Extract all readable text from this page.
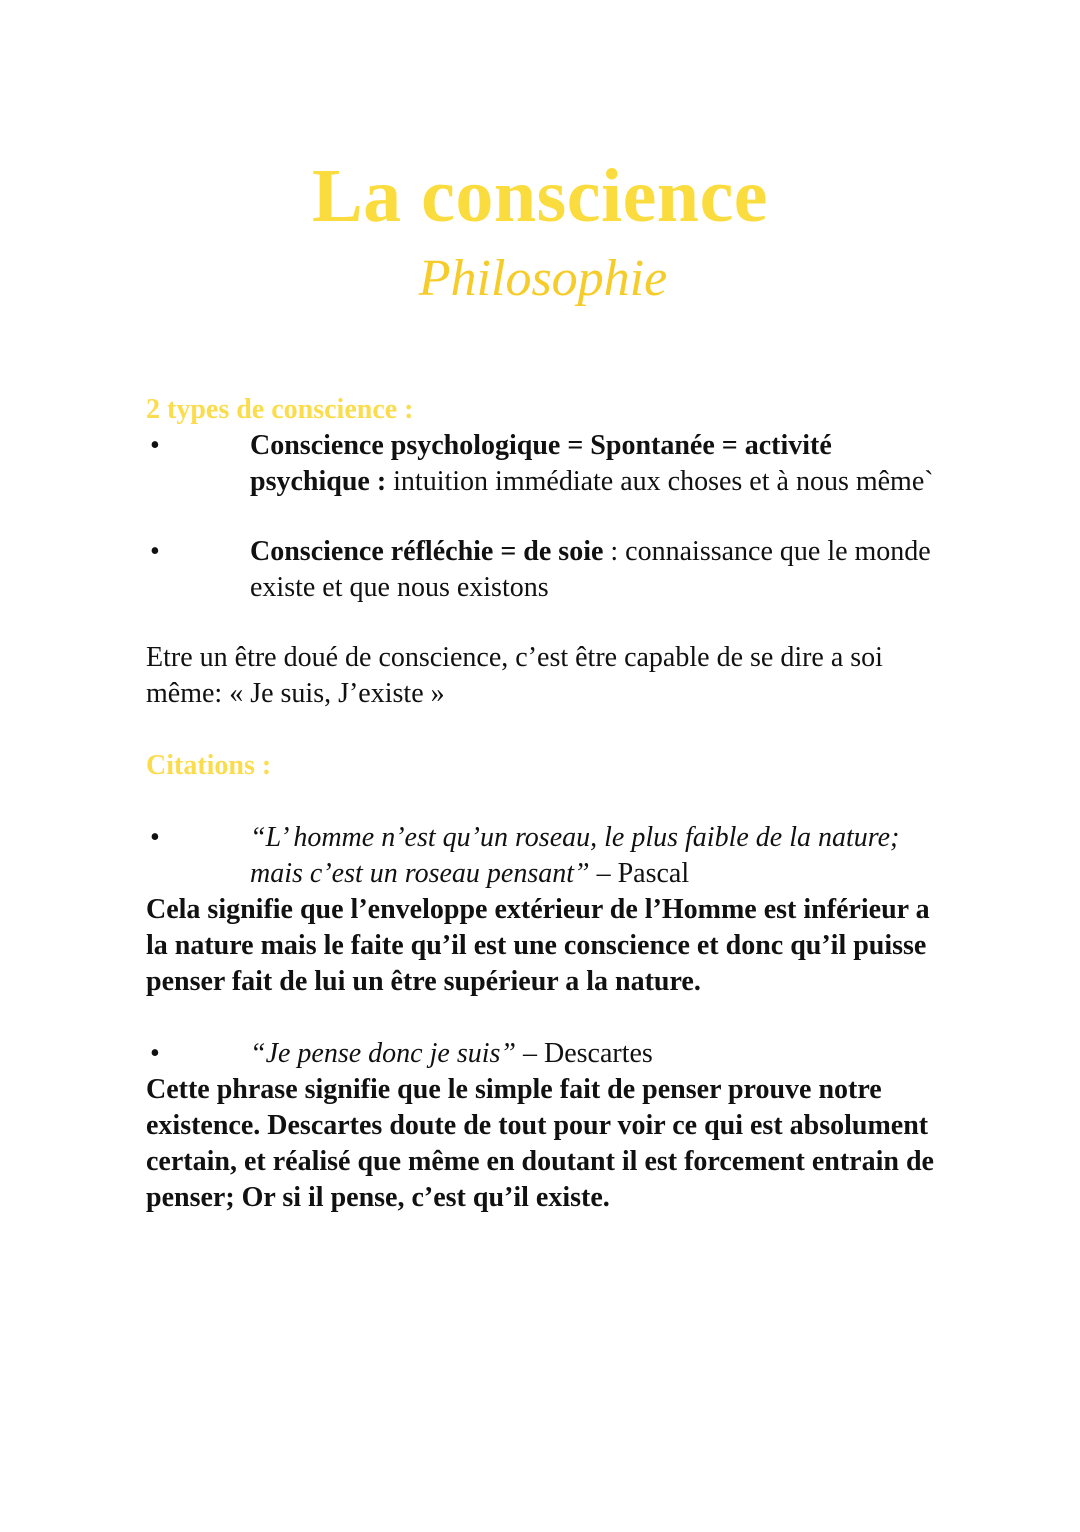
La conscience
Philosophie
2 types de conscience :
•	Conscience psychologique = Spontanée = activité psychique : intuition immédiate aux choses et à nous même`

•	Conscience réfléchie = de soie : connaissance que le monde existe et que nous existons

Etre un être doué de conscience, c’est être capable de se dire a soi même: « Je suis, J’existe »

Citations :
•	“L’ homme n’est qu’un roseau, le plus faible de la nature; mais c’est un roseau pensant” – Pascal

Cela signifie que l’enveloppe extérieur de l’Homme est inférieur a la nature mais le faite qu’il est une conscience et donc qu’il puisse penser fait de lui un être supérieur a la nature.

•	“Je pense donc je suis” – Descartes

Cette phrase signifie que le simple fait de penser prouve notre existence. Descartes doute de tout pour voir ce qui est absolument certain, et réalisé que même en doutant il est forcement entrain de penser; Or si il pense, c’est qu’il existe.
